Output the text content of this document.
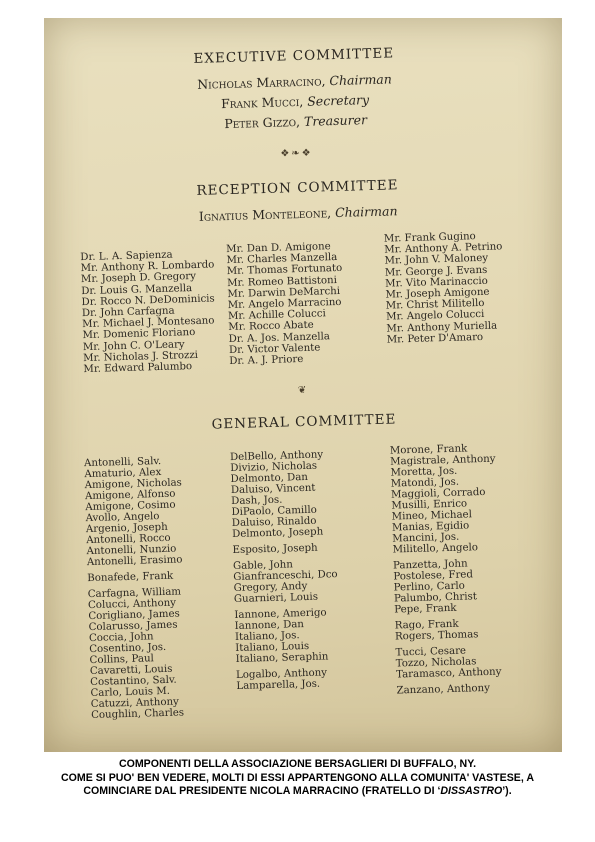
EXECUTIVE COMMITTEE
Nicholas Marracino, Chairman
Frank Mucci, Secretary
Peter Gizzo, Treasurer
❖❧❖
RECEPTION COMMITTEE
Ignatius Monteleone, Chairman
Dr. L. A. Sapienza
Mr. Anthony R. Lombardo
Mr. Joseph D. Gregory
Dr. Louis G. Manzella
Dr. Rocco N. DeDominicis
Dr. John Carfagna
Mr. Michael J. Montesano
Mr. Domenic Floriano
Mr. John C. O'Leary
Mr. Nicholas J. Strozzi
Mr. Edward Palumbo
Mr. Dan D. Amigone
Mr. Charles Manzella
Mr. Thomas Fortunato
Mr. Romeo Battistoni
Mr. Darwin DeMarchi
Mr. Angelo Marracino
Mr. Achille Colucci
Mr. Rocco Abate
Dr. A. Jos. Manzella
Dr. Victor Valente
Dr. A. J. Priore
Mr. Frank Gugino
Mr. Anthony A. Petrino
Mr. John V. Maloney
Mr. George J. Evans
Mr. Vito Marinaccio
Mr. Joseph Amigone
Mr. Christ Militello
Mr. Angelo Colucci
Mr. Anthony Muriella
Mr. Peter D'Amaro
❦
GENERAL COMMITTEE
Antonelli, Salv.
Amaturio, Alex
Amigone, Nicholas
Amigone, Alfonso
Amigone, Cosimo
Avollo, Angelo
Argenio, Joseph
Antonelli, Rocco
Antonelli, Nunzio
Antonelli, Erasimo
Bonafede, Frank
Carfagna, William
Colucci, Anthony
Corigliano, James
Colarusso, James
Coccia, John
Cosentino, Jos.
Collins, Paul
Cavaretti, Louis
Costantino, Salv.
Carlo, Louis M.
Catuzzi, Anthony
Coughlin, Charles
DelBello, Anthony
Divizio, Nicholas
Delmonto, Dan
Daluiso, Vincent
Dash, Jos.
DiPaolo, Camillo
Daluiso, Rinaldo
Delmonto, Joseph
Esposito, Joseph
Gable, John
Gianfranceschi, Dco
Gregory, Andy
Guarnieri, Louis
Iannone, Amerigo
Iannone, Dan
Italiano, Jos.
Italiano, Louis
Italiano, Seraphin
Logalbo, Anthony
Lamparella, Jos.
Morone, Frank
Magistrale, Anthony
Moretta, Jos.
Matondi, Jos.
Maggioli, Corrado
Musilli, Enrico
Mineo, Michael
Manias, Egidio
Mancini, Jos.
Militello, Angelo
Panzetta, John
Postolese, Fred
Perlino, Carlo
Palumbo, Christ
Pepe, Frank
Rago, Frank
Rogers, Thomas
Tucci, Cesare
Tozzo, Nicholas
Taramasco, Anthony
Zanzano, Anthony
COMPONENTI DELLA ASSOCIAZIONE BERSAGLIERI DI BUFFALO, NY.
COME SI PUO' BEN VEDERE, MOLTI DI ESSI APPARTENGONO ALLA COMUNITA' VASTESE, A
COMINCIARE DAL PRESIDENTE NICOLA MARRACINO (FRATELLO DI ‘DISSASTRO’).
